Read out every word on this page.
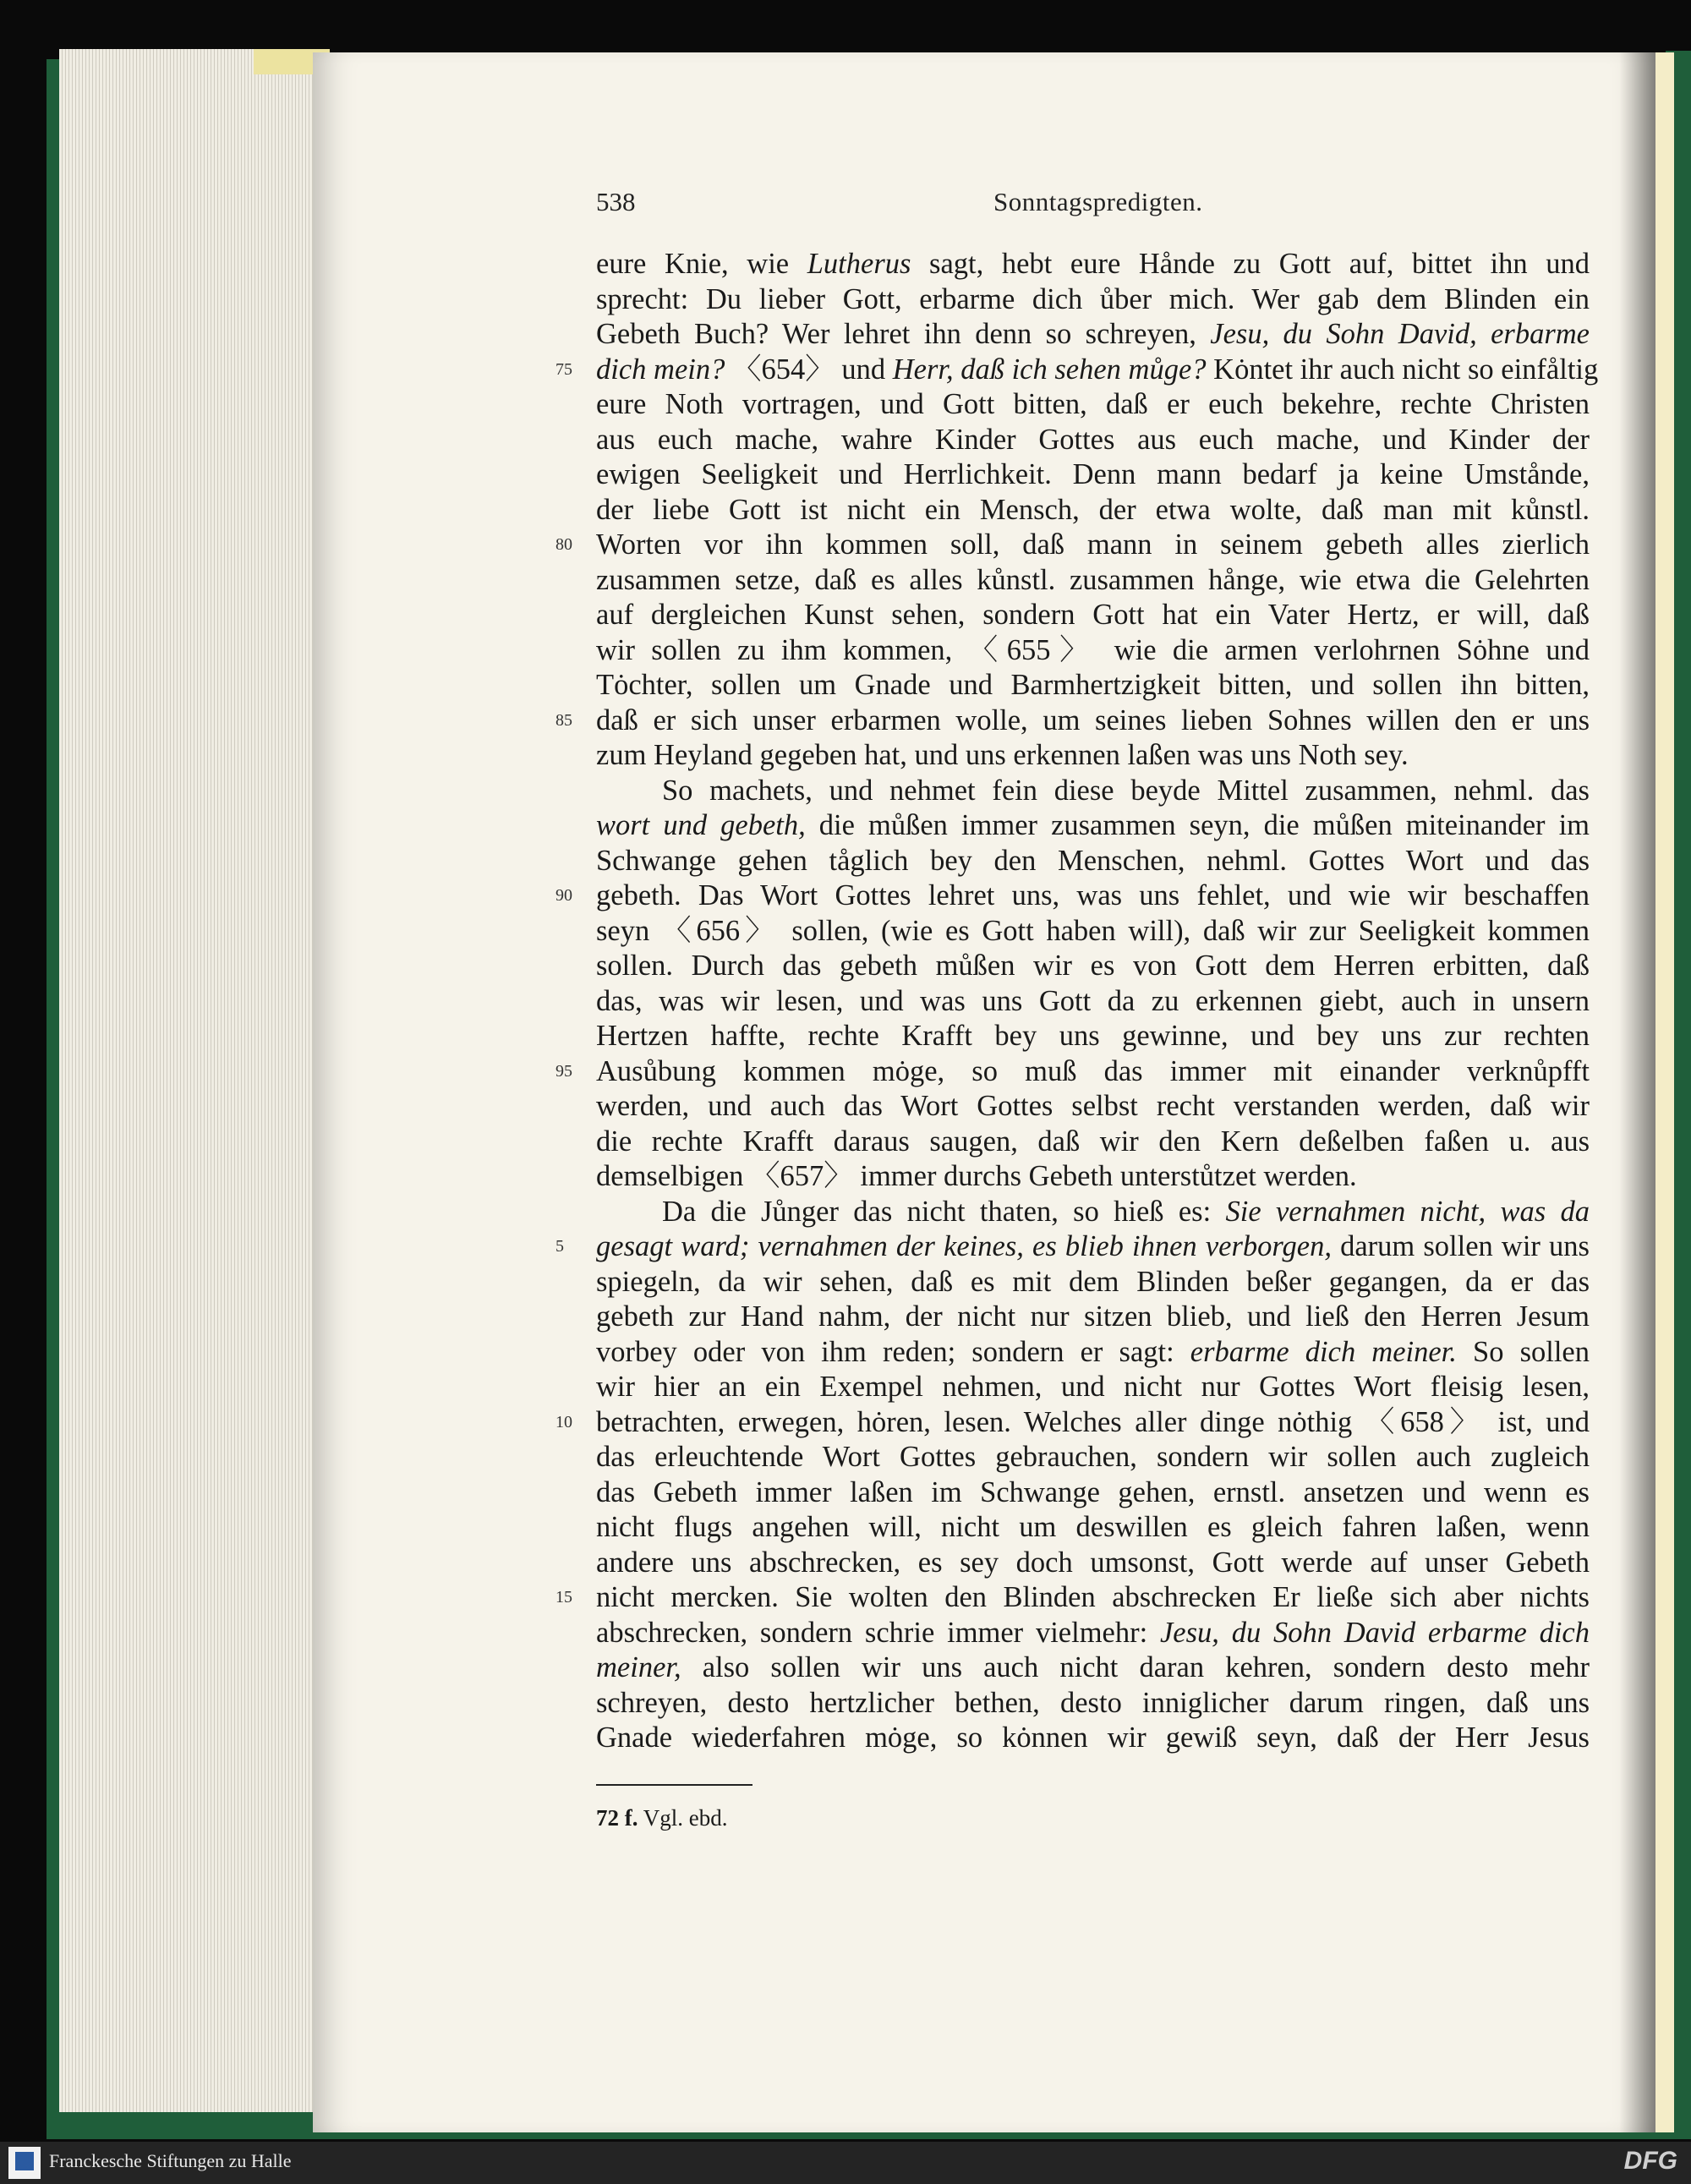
538	Sonntagspredigten.
eure Knie, wie Lutherus sagt, hebt eure Hånde zu Gott auf, bittet ihn und
sprecht: Du lieber Gott, erbarme dich ůber mich. Wer gab dem Blinden ein
Gebeth Buch? Wer lehret ihn denn so schreyen, Jesu, du Sohn David, erbarme
dich mein? 〈654〉 und Herr, daß ich sehen můge? Kȯntet ihr auch nicht so einfåltig
75
eure Noth vortragen, und Gott bitten, daß er euch bekehre, rechte Christen
aus euch mache, wahre Kinder Gottes aus euch mache, und Kinder der
ewigen Seeligkeit und Herrlichkeit. Denn mann bedarf ja keine Umstånde,
der liebe Gott ist nicht ein Mensch, der etwa wolte, daß man mit kůnstl.
Worten vor ihn kommen soll, daß mann in seinem gebeth alles zierlich
80
zusammen setze, daß es alles kůnstl. zusammen hånge, wie etwa die Gelehrten
auf dergleichen Kunst sehen, sondern Gott hat ein Vater Hertz, er will, daß
wir sollen zu ihm kommen, 〈655〉 wie die armen verlohrnen Sȯhne und
Tȯchter, sollen um Gnade und Barmhertzigkeit bitten, und sollen ihn bitten,
daß er sich unser erbarmen wolle, um seines lieben Sohnes willen den er uns
85
zum Heyland gegeben hat, und uns erkennen laßen was uns Noth sey.
So machets, und nehmet fein diese beyde Mittel zusammen, nehml. das
wort und gebeth, die můßen immer zusammen seyn, die můßen miteinander im
Schwange gehen tåglich bey den Menschen, nehml. Gottes Wort und das
gebeth. Das Wort Gottes lehret uns, was uns fehlet, und wie wir beschaffen
90
seyn 〈656〉 sollen, (wie es Gott haben will), daß wir zur Seeligkeit kommen
sollen. Durch das gebeth můßen wir es von Gott dem Herren erbitten, daß
das, was wir lesen, und was uns Gott da zu erkennen giebt, auch in unsern
Hertzen haffte, rechte Krafft bey uns gewinne, und bey uns zur rechten
Ausůbung kommen mȯge, so muß das immer mit einander verknůpfft
95
werden, und auch das Wort Gottes selbst recht verstanden werden, daß wir
die rechte Krafft daraus saugen, daß wir den Kern deßelben faßen u. aus
demselbigen 〈657〉 immer durchs Gebeth unterstůtzet werden.
Da die Jůnger das nicht thaten, so hieß es: Sie vernahmen nicht, was da
gesagt ward; vernahmen der keines, es blieb ihnen verborgen, darum sollen wir uns
5
spiegeln, da wir sehen, daß es mit dem Blinden beßer gegangen, da er das
gebeth zur Hand nahm, der nicht nur sitzen blieb, und ließ den Herren Jesum
vorbey oder von ihm reden; sondern er sagt: erbarme dich meiner. So sollen
wir hier an ein Exempel nehmen, und nicht nur Gottes Wort fleisig lesen,
betrachten, erwegen, hȯren, lesen. Welches aller dinge nȯthig 〈658〉 ist, und
10
das erleuchtende Wort Gottes gebrauchen, sondern wir sollen auch zugleich
das Gebeth immer laßen im Schwange gehen, ernstl. ansetzen und wenn es
nicht flugs angehen will, nicht um deswillen es gleich fahren laßen, wenn
andere uns abschrecken, es sey doch umsonst, Gott werde auf unser Gebeth
nicht mercken. Sie wolten den Blinden abschrecken Er ließe sich aber nichts
15
abschrecken, sondern schrie immer vielmehr: Jesu, du Sohn David erbarme dich
meiner, also sollen wir uns auch nicht daran kehren, sondern desto mehr
schreyen, desto hertzlicher bethen, desto inniglicher darum ringen, daß uns
Gnade wiederfahren mȯge, so kȯnnen wir gewiß seyn, daß der Herr Jesus
72 f. Vgl. ebd.
Franckesche Stiftungen zu Halle	DFG
